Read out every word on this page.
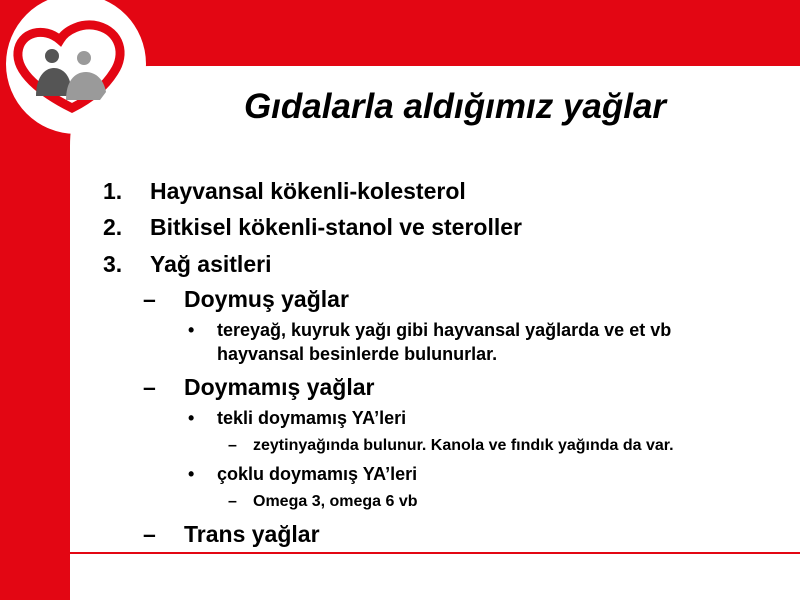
Gıdalarla aldığımız yağlar
1. Hayvansal kökenli-kolesterol
2. Bitkisel kökenli-stanol ve steroller
3. Yağ asitleri
– Doymuş yağlar
• tereyağ, kuyruk yağı gibi hayvansal yağlarda ve et vb
hayvansal besinlerde bulunurlar.
– Doymamış yağlar
• tekli doymamış YA’leri
– zeytinyağında bulunur. Kanola ve fındık yağında da var.
• çoklu doymamış YA’leri
– Omega 3, omega 6 vb
– Trans yağlar
